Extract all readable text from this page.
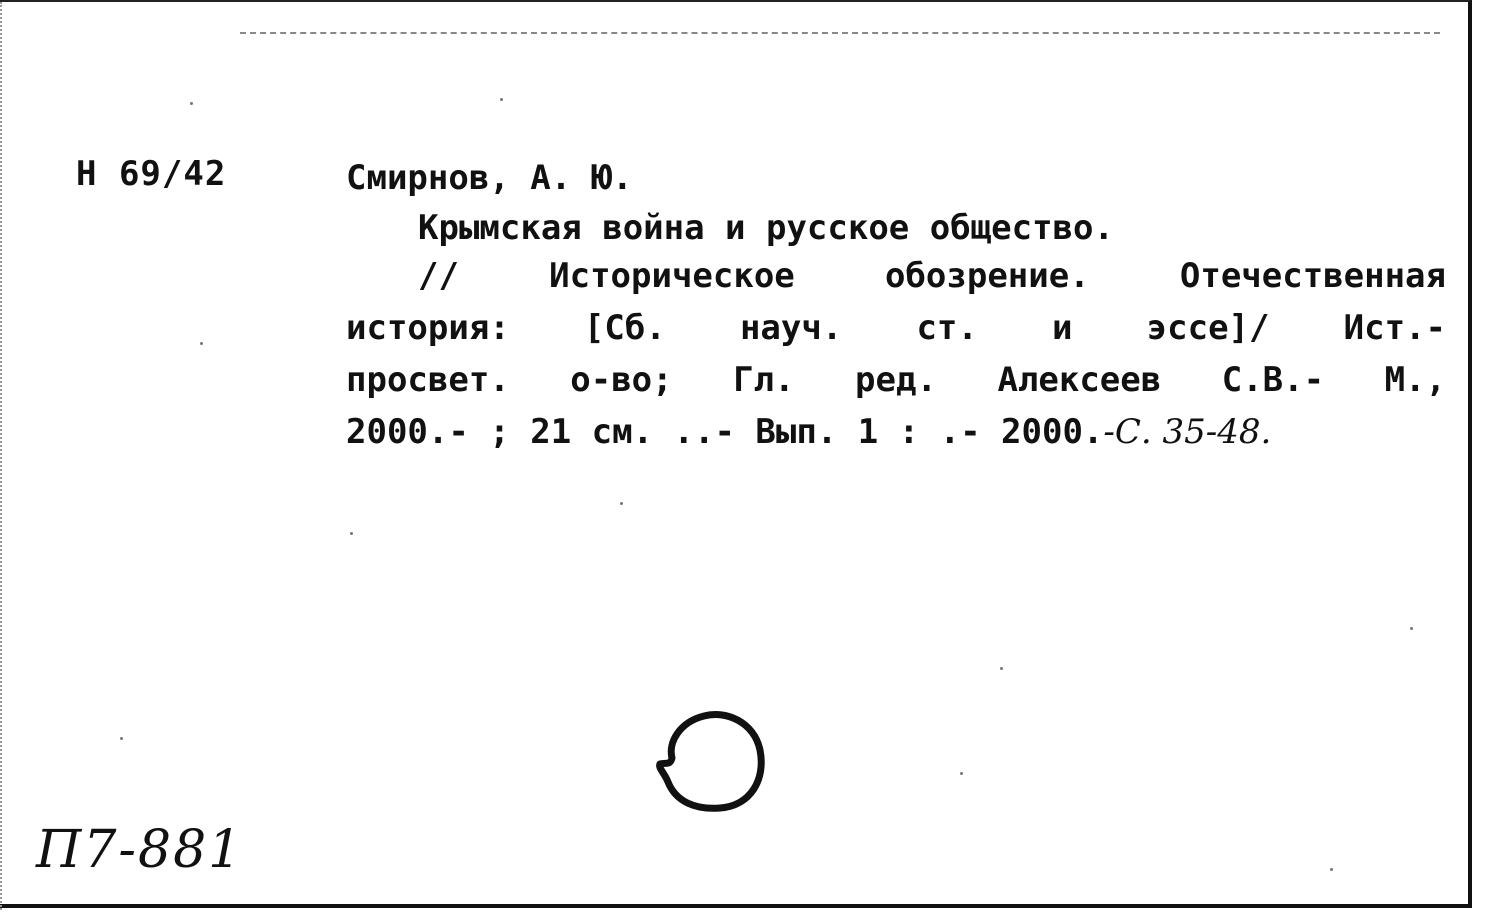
Н 69/42	Смирнов, А. Ю.
Крымская война и русское общество.
// Историческое обозрение. Отечественная
история: [Сб. науч. ст. и эссе]/ Ист.-
просвет. о-во; Гл. ред. Алексеев С.В.- М.,
2000.- ; 21 см. ..- Вып. 1 : .- 2000.-С. 35-48.
П7-881
